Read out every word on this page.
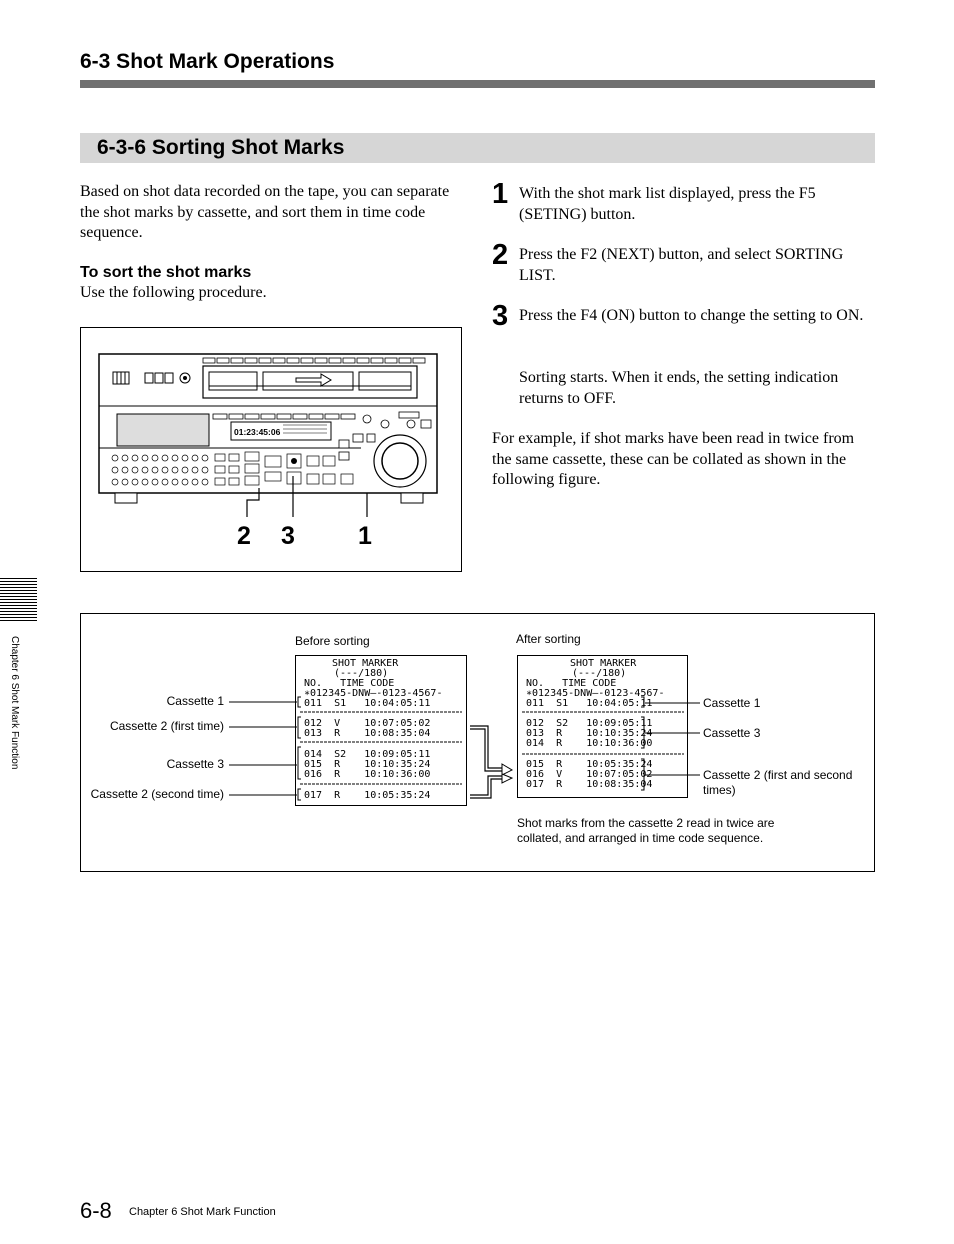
6-3 Shot Mark Operations
6-3-6 Sorting Shot Marks
Based on shot data recorded on the tape, you can separate the shot marks by cassette, and sort them in time code sequence.
To sort the shot marks
Use the following procedure.
01:23:45:06
2 3	1
1 With the shot mark list displayed, press the F5 (SETING) button.
2 Press the F2 (NEXT) button, and select SORTING LIST.
3 Press the F4 (ON) button to change the setting to ON.
Sorting starts. When it ends, the setting indication returns to OFF.
For example, if shot marks have been read in twice from the same cassette, these can be collated as shown in the following figure.
Before sorting	After sorting
SHOT MARKER
(---/180)
NO.   TIME CODE
∗012345-DNW—-0123-4567-
011  S1   10:04:05:11
012  V    10:07:05:02
013  R    10:08:35:04
014  S2   10:09:05:11
015  R    10:10:35:24
016  R    10:10:36:00
017  R    10:05:35:24
SHOT MARKER
(---/180)
NO.   TIME CODE
∗012345-DNW—-0123-4567-
011  S1   10:04:05:11
012  S2   10:09:05:11
013  R    10:10:35:24
014  R    10:10:36:00
015  R    10:05:35:24
016  V    10:07:05:02
017  R    10:08:35:04
Cassette 1
Cassette 2 (first time)
Cassette 3
Cassette 2 (second time)
Cassette 1
Cassette 3
Cassette 2 (first and second times)
Shot marks from the cassette 2 read in twice are collated, and arranged in time code sequence.
Chapter 6 Shot Mark Function
6-8 Chapter 6 Shot Mark Function
